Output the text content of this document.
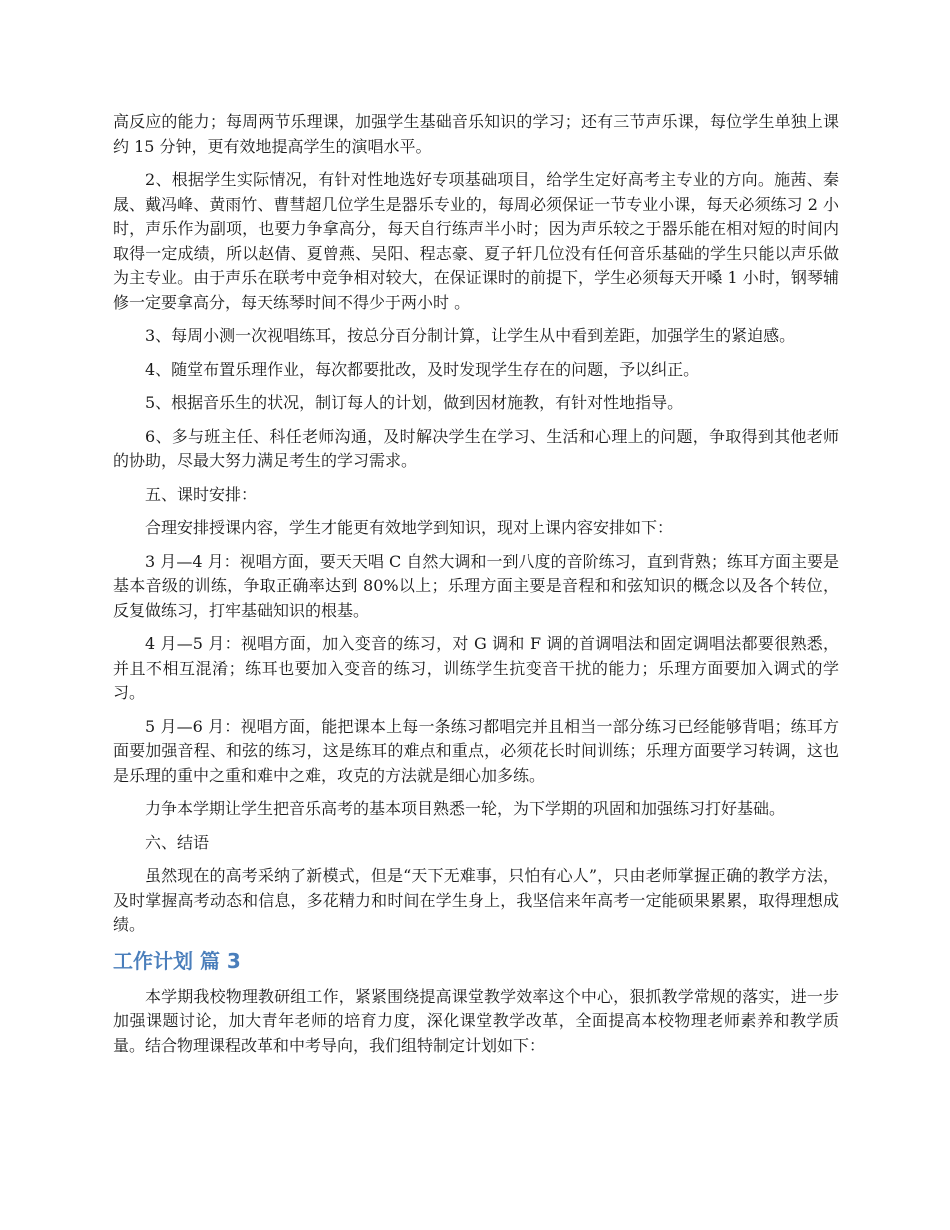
高反应的能力；每周两节乐理课，加强学生基础音乐知识的学习；还有三节声乐课，每位学生单独上课约 15 分钟，更有效地提高学生的演唱水平。

2、根据学生实际情况，有针对性地选好专项基础项目，给学生定好高考主专业的方向。施茜、秦晟、戴冯峰、黄雨竹、曹彗超几位学生是器乐专业的，每周必须保证一节专业小课，每天必须练习 2 小时，声乐作为副项，也要力争拿高分，每天自行练声半小时；因为声乐较之于器乐能在相对短的时间内取得一定成绩，所以赵倩、夏曾燕、吴阳、程志豪、夏子轩几位没有任何音乐基础的学生只能以声乐做为主专业。由于声乐在联考中竞争相对较大，在保证课时的前提下，学生必须每天开嗓 1 小时，钢琴辅修一定要拿高分，每天练琴时间不得少于两小时 。

3、每周小测一次视唱练耳，按总分百分制计算，让学生从中看到差距，加强学生的紧迫感。

4、随堂布置乐理作业，每次都要批改，及时发现学生存在的问题，予以纠正。

5、根据音乐生的状况，制订每人的计划，做到因材施教，有针对性地指导。

6、多与班主任、科任老师沟通，及时解决学生在学习、生活和心理上的问题，争取得到其他老师的协助，尽最大努力满足考生的学习需求。

五、课时安排：

合理安排授课内容，学生才能更有效地学到知识，现对上课内容安排如下：

3 月—4 月：视唱方面，要天天唱 C 自然大调和一到八度的音阶练习，直到背熟；练耳方面主要是基本音级的训练，争取正确率达到 80%以上；乐理方面主要是音程和和弦知识的概念以及各个转位，反复做练习，打牢基础知识的根基。

4 月—5 月：视唱方面，加入变音的练习，对 G 调和 F 调的首调唱法和固定调唱法都要很熟悉，并且不相互混淆；练耳也要加入变音的练习，训练学生抗变音干扰的能力；乐理方面要加入调式的学习。

5 月—6 月：视唱方面，能把课本上每一条练习都唱完并且相当一部分练习已经能够背唱；练耳方面要加强音程、和弦的练习，这是练耳的难点和重点，必须花长时间训练；乐理方面要学习转调，这也是乐理的重中之重和难中之难，攻克的方法就是细心加多练。

力争本学期让学生把音乐高考的基本项目熟悉一轮，为下学期的巩固和加强练习打好基础。

六、结语

虽然现在的高考采纳了新模式，但是“天下无难事，只怕有心人”，只由老师掌握正确的教学方法，及时掌握高考动态和信息，多花精力和时间在学生身上，我坚信来年高考一定能硕果累累，取得理想成绩。

工作计划 篇 3

本学期我校物理教研组工作，紧紧围绕提高课堂教学效率这个中心，狠抓教学常规的落实，进一步加强课题讨论，加大青年老师的培育力度，深化课堂教学改革，全面提高本校物理老师素养和教学质量。结合物理课程改革和中考导向，我们组特制定计划如下：
